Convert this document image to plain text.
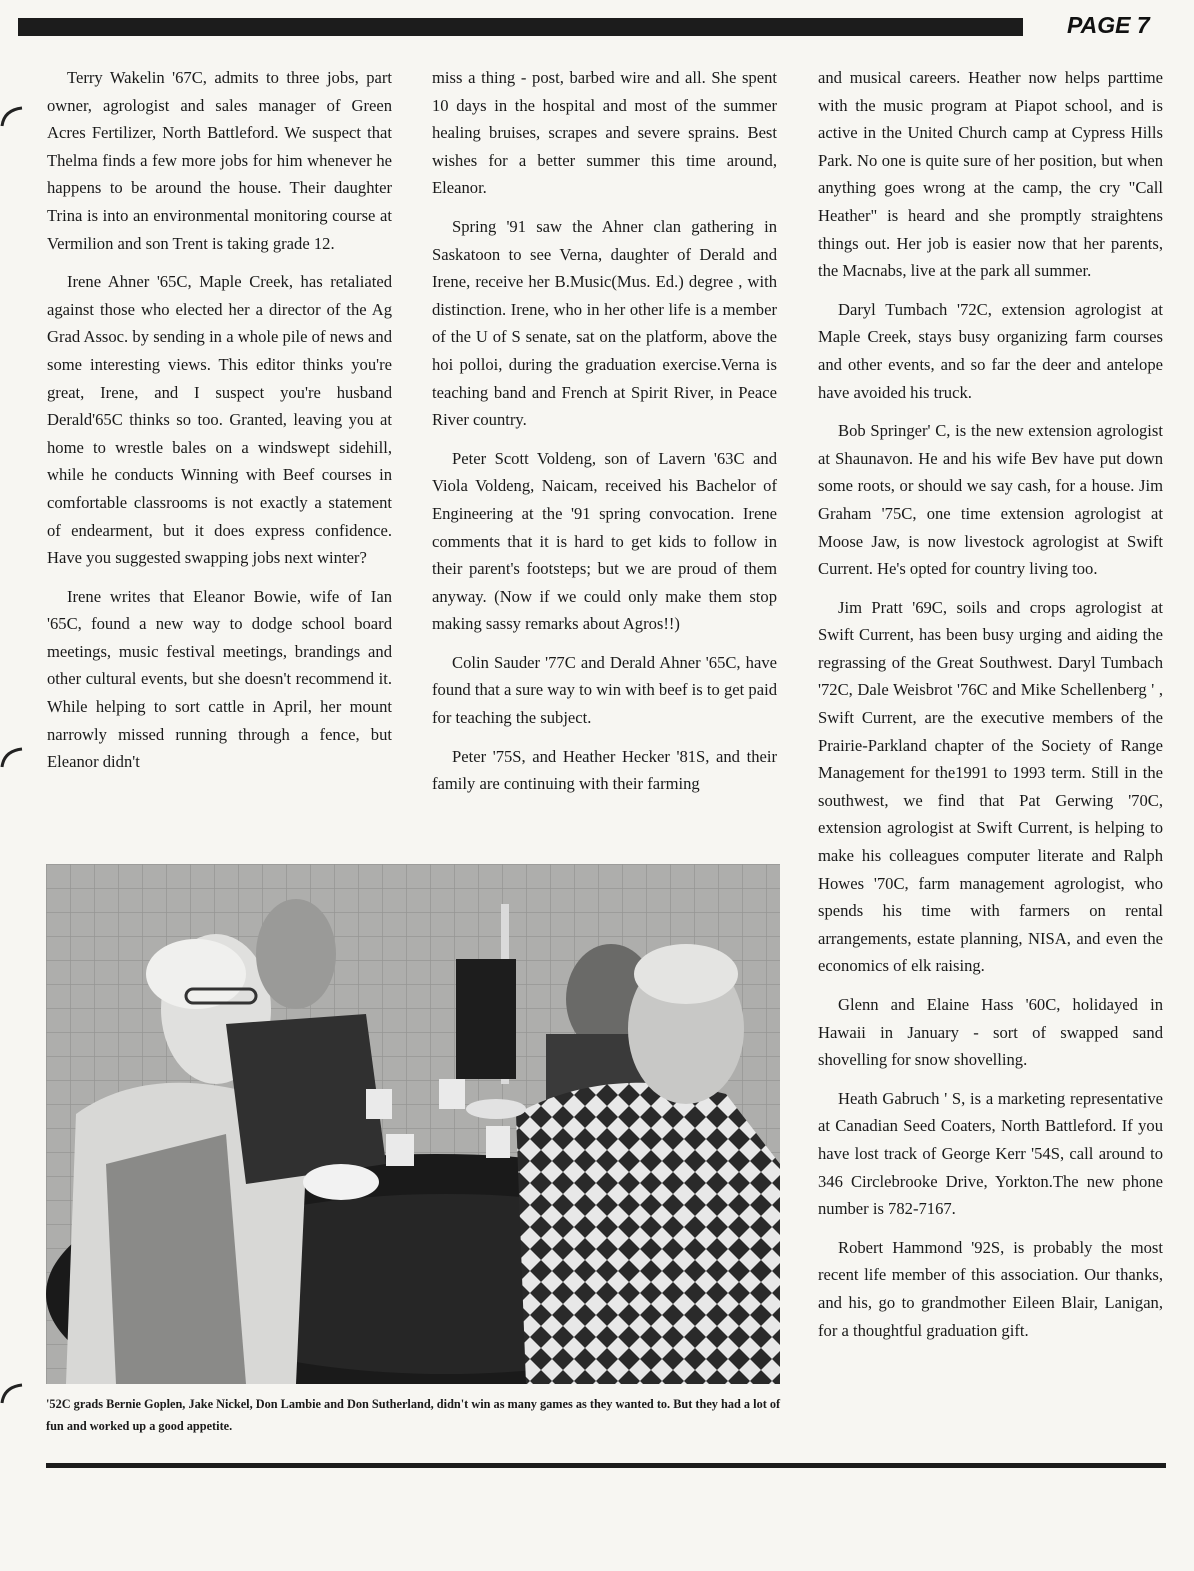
PAGE 7

Terry Wakelin '67C, admits to three jobs, part owner, agrologist and sales manager of Green Acres Fertilizer, North Battleford. We suspect that Thelma finds a few more jobs for him whenever he happens to be around the house. Their daughter Trina is into an environmental monitoring course at Vermilion and son Trent is taking grade 12.

Irene Ahner '65C, Maple Creek, has retaliated against those who elected her a director of the Ag Grad Assoc. by sending in a whole pile of news and some interesting views. This editor thinks you're great, Irene, and I suspect you're husband Derald'65C thinks so too. Granted, leaving you at home to wrestle bales on a windswept sidehill, while he conducts Winning with Beef courses in comfortable classrooms is not exactly a statement of endearment, but it does express confidence. Have you suggested swapping jobs next winter?

Irene writes that Eleanor Bowie, wife of Ian '65C, found a new way to dodge school board meetings, music festival meetings, brandings and other cultural events, but she doesn't recommend it. While helping to sort cattle in April, her mount narrowly missed running through a fence, but Eleanor didn't

miss a thing - post, barbed wire and all. She spent 10 days in the hospital and most of the summer healing bruises, scrapes and severe sprains. Best wishes for a better summer this time around, Eleanor.

Spring '91 saw the Ahner clan gathering in Saskatoon to see Verna, daughter of Derald and Irene, receive her B.Music(Mus. Ed.) degree , with distinction. Irene, who in her other life is a member of the U of S senate, sat on the platform, above the hoi polloi, during the graduation exercise.Verna is teaching band and French at Spirit River, in Peace River country.

Peter Scott Voldeng, son of Lavern '63C and Viola Voldeng, Naicam, received his Bachelor of Engineering at the '91 spring convocation. Irene comments that it is hard to get kids to follow in their parent's footsteps; but we are proud of them anyway. (Now if we could only make them stop making sassy remarks about Agros!!)

Colin Sauder '77C and Derald Ahner '65C, have found that a sure way to win with beef is to get paid for teaching the subject.

Peter '75S, and Heather Hecker '81S, and their family are continuing with their farming

and musical careers. Heather now helps parttime with the music program at Piapot school, and is active in the United Church camp at Cypress Hills Park. No one is quite sure of her position, but when anything goes wrong at the camp, the cry "Call Heather" is heard and she promptly straightens things out. Her job is easier now that her parents, the Macnabs, live at the park all summer.

Daryl Tumbach '72C, extension agrologist at Maple Creek, stays busy organizing farm courses and other events, and so far the deer and antelope have avoided his truck.

Bob Springer' C, is the new extension agrologist at Shaunavon. He and his wife Bev have put down some roots, or should we say cash, for a house. Jim Graham '75C, one time extension agrologist at Moose Jaw, is now livestock agrologist at Swift Current. He's opted for country living too.

Jim Pratt '69C, soils and crops agrologist at Swift Current, has been busy urging and aiding the regrassing of the Great Southwest. Daryl Tumbach '72C, Dale Weisbrot '76C and Mike Schellenberg ' , Swift Current, are the executive members of the Prairie-Parkland chapter of the Society of Range Management for the1991 to 1993 term. Still in the southwest, we find that Pat Gerwing '70C, extension agrologist at Swift Current, is helping to make his colleagues computer literate and Ralph Howes '70C, farm management agrologist, who spends his time with farmers on rental arrangements, estate planning, NISA, and even the economics of elk raising.

Glenn and Elaine Hass '60C, holidayed in Hawaii in January - sort of swapped sand shovelling for snow shovelling.

Heath Gabruch ' S, is a marketing representative at Canadian Seed Coaters, North Battleford. If you have lost track of George Kerr '54S, call around to 346 Circlebrooke Drive, Yorkton.The new phone number is 782-7167.

Robert Hammond '92S, is probably the most recent life member of this association. Our thanks, and his, go to grandmother Eileen Blair, Lanigan, for a thoughtful graduation gift.

'52C grads Bernie Goplen, Jake Nickel, Don Lambie and Don Sutherland, didn't win as many games as they wanted to. But they had a lot of fun and worked up a good appetite.
